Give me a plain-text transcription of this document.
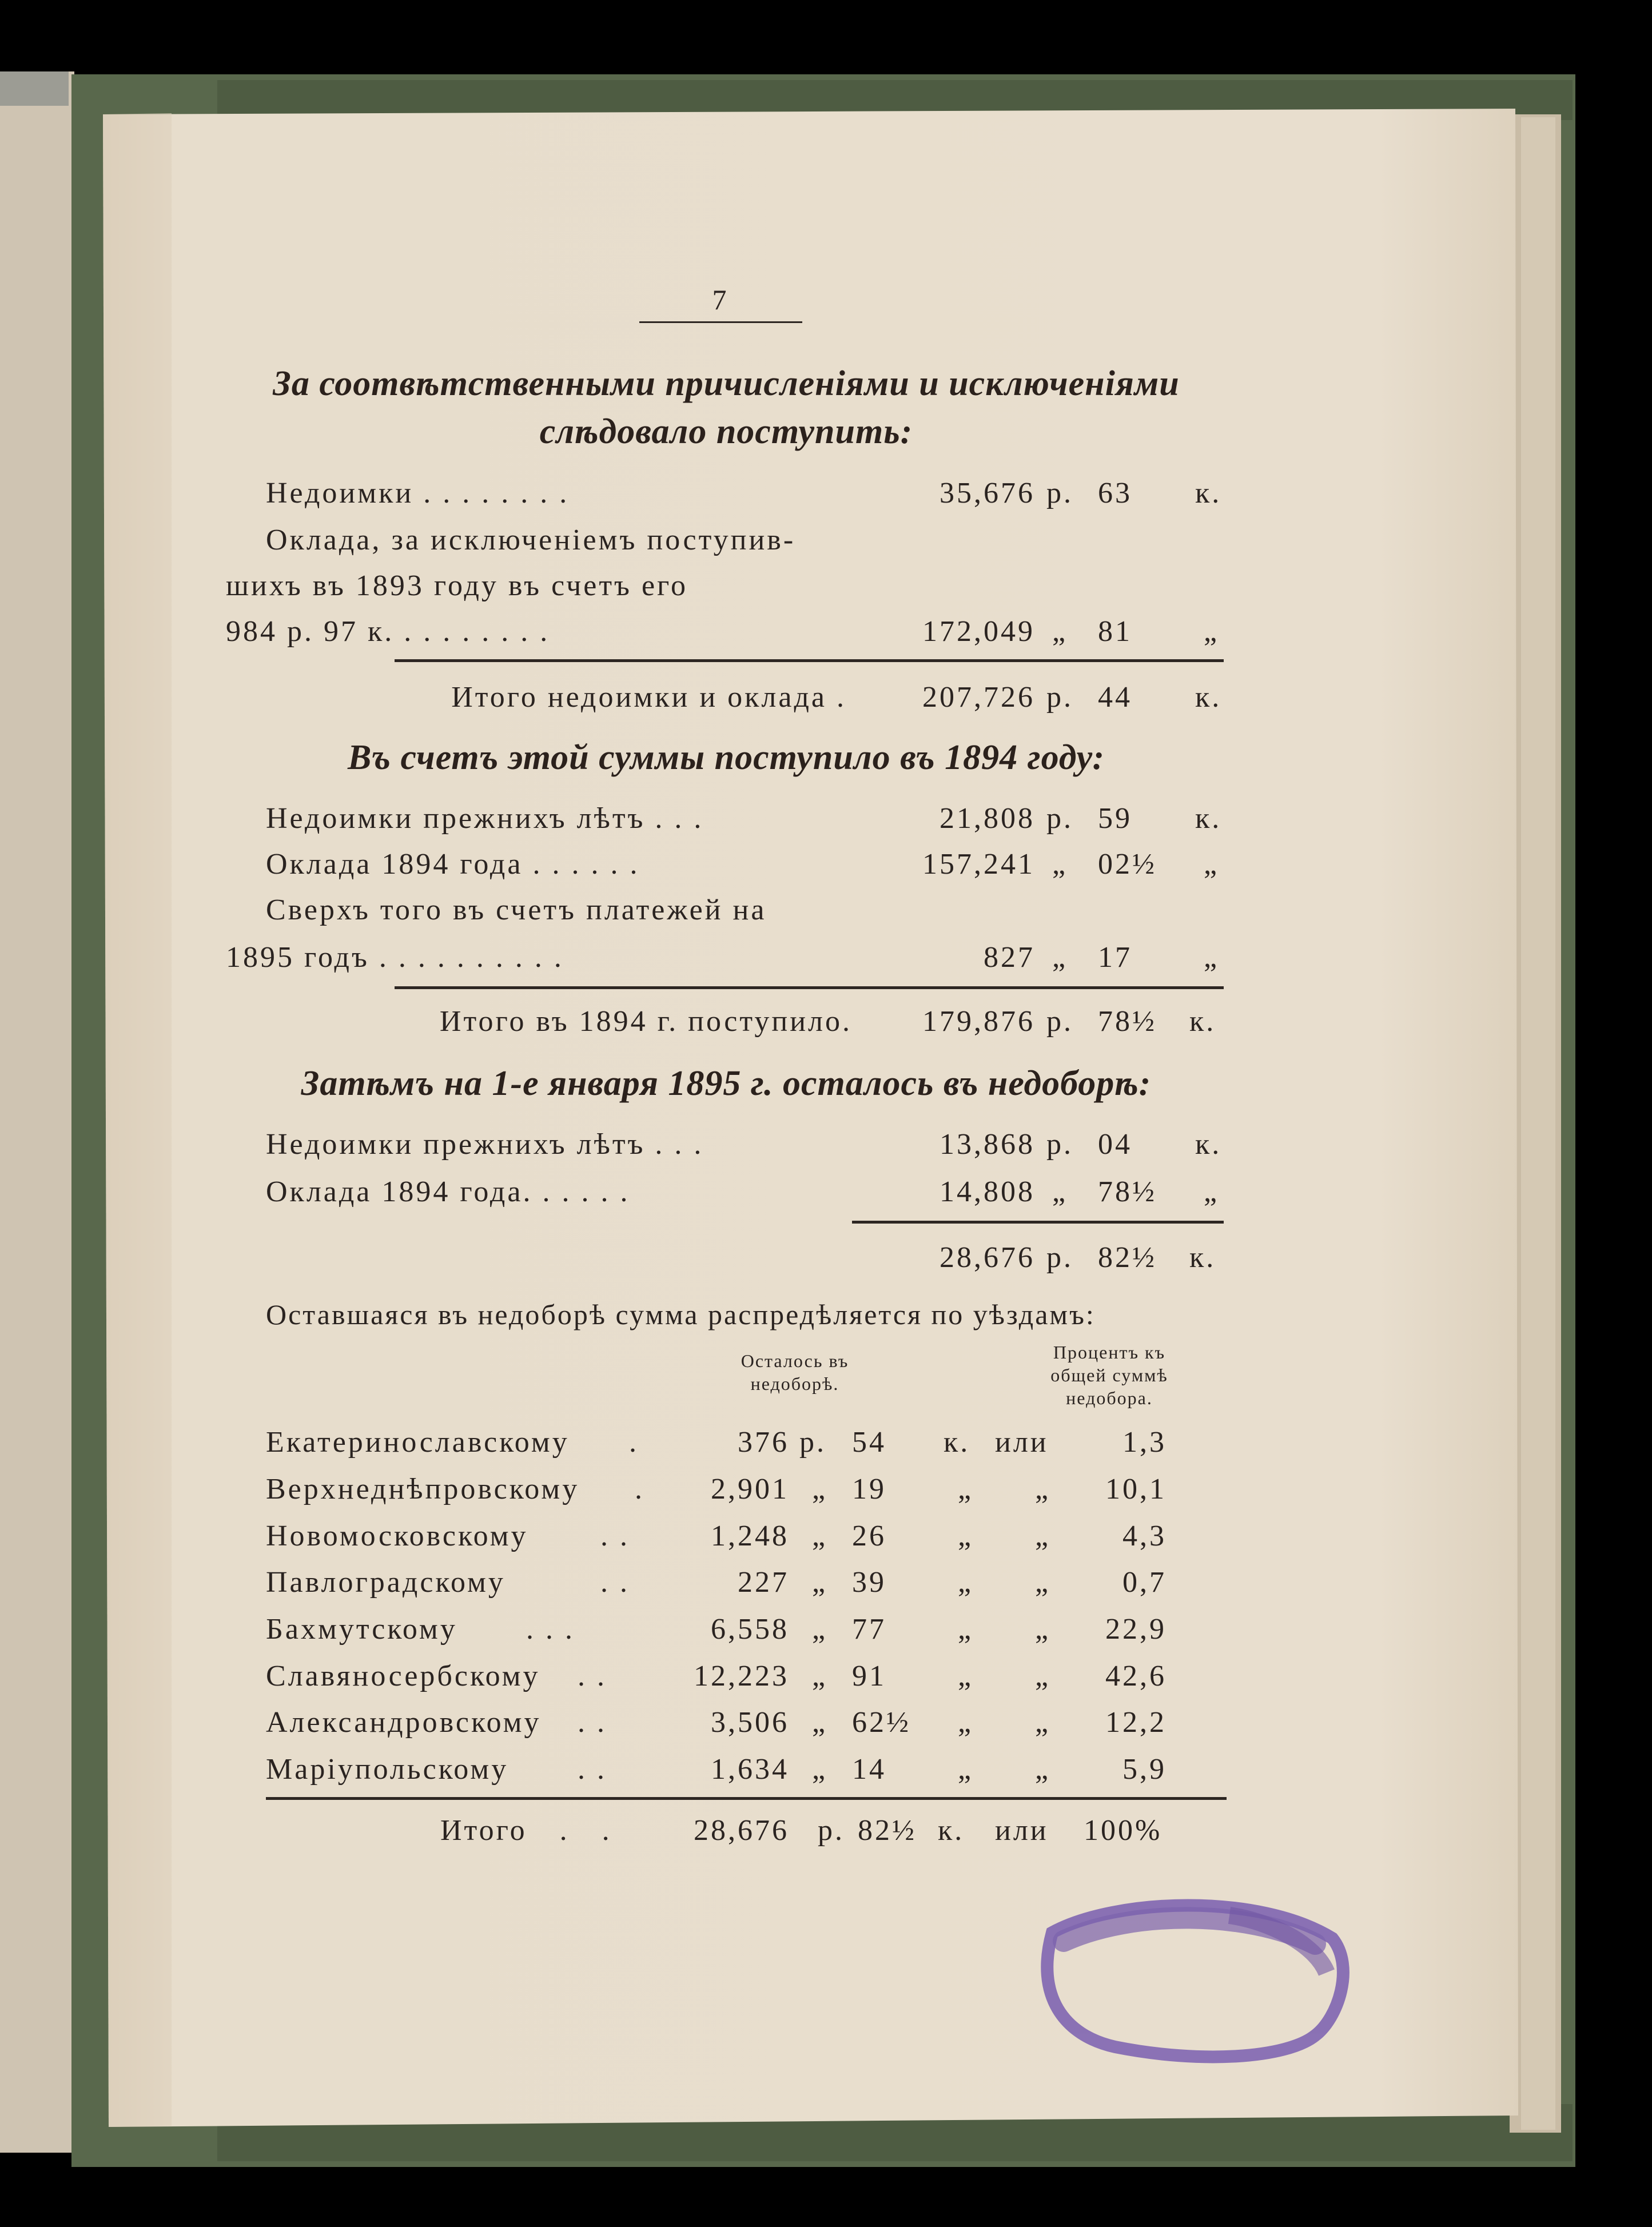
7
За соотвѣтственными причисленiями и исключенiями
слѣдовало поступить:
Недоимки . . . . . . . .	35,676 р. 63 к.
Оклада, за исключенiемъ поступив-
шихъ въ 1893 году въ счетъ его
984 р. 97 к. . . . . . . . .	172,049 „ 81 „
Итого недоимки и оклада .	207,726 р. 44 к.
Въ счетъ этой суммы поступило въ 1894 году:
Недоимки прежнихъ лѣтъ . . .	21,808 р. 59 к.
Оклада 1894 года . . . . . .	157,241 „ 02½ „
Сверхъ того въ счетъ платежей на
1895 годъ . . . . . . . . . .	827 „ 17 „
Итого въ 1894 г. поступило.	179,876 р. 78½ к.
Затѣмъ на 1-е января 1895 г. осталось въ недоборѣ:
Недоимки прежнихъ лѣтъ . . .	13,868 р. 04 к.
Оклада 1894 года. . . . . .	14,808 „ 78½ „
28,676 р. 82½ к.
Оставшаяся въ недоборѣ сумма распредѣляется по уѣздамъ:
Осталось въ
недоборѣ.
Процентъ къ
общей суммѣ
недобора.
Екатеринославскому .	376 р. 54 к. или	1,3
Верхнеднѣпровскому .	2,901 „ 19 „ „	10,1
Новомосковскому . .	1,248 „ 26 „ „	4,3
Павлоградскому	. .	227 „ 39 „ „	0,7
Бахмутскому . . .	6,558 „ 77 „ „	22,9
Славяносербскому . .	12,223 „ 91 „ „	42,6
Александровскому . .	3,506 „ 62½ „ „	12,2
Марiупольскому . .	1,634 „ 14 „ „	5,9
Итого . .	28,676 р. 82½ к. или 100%
